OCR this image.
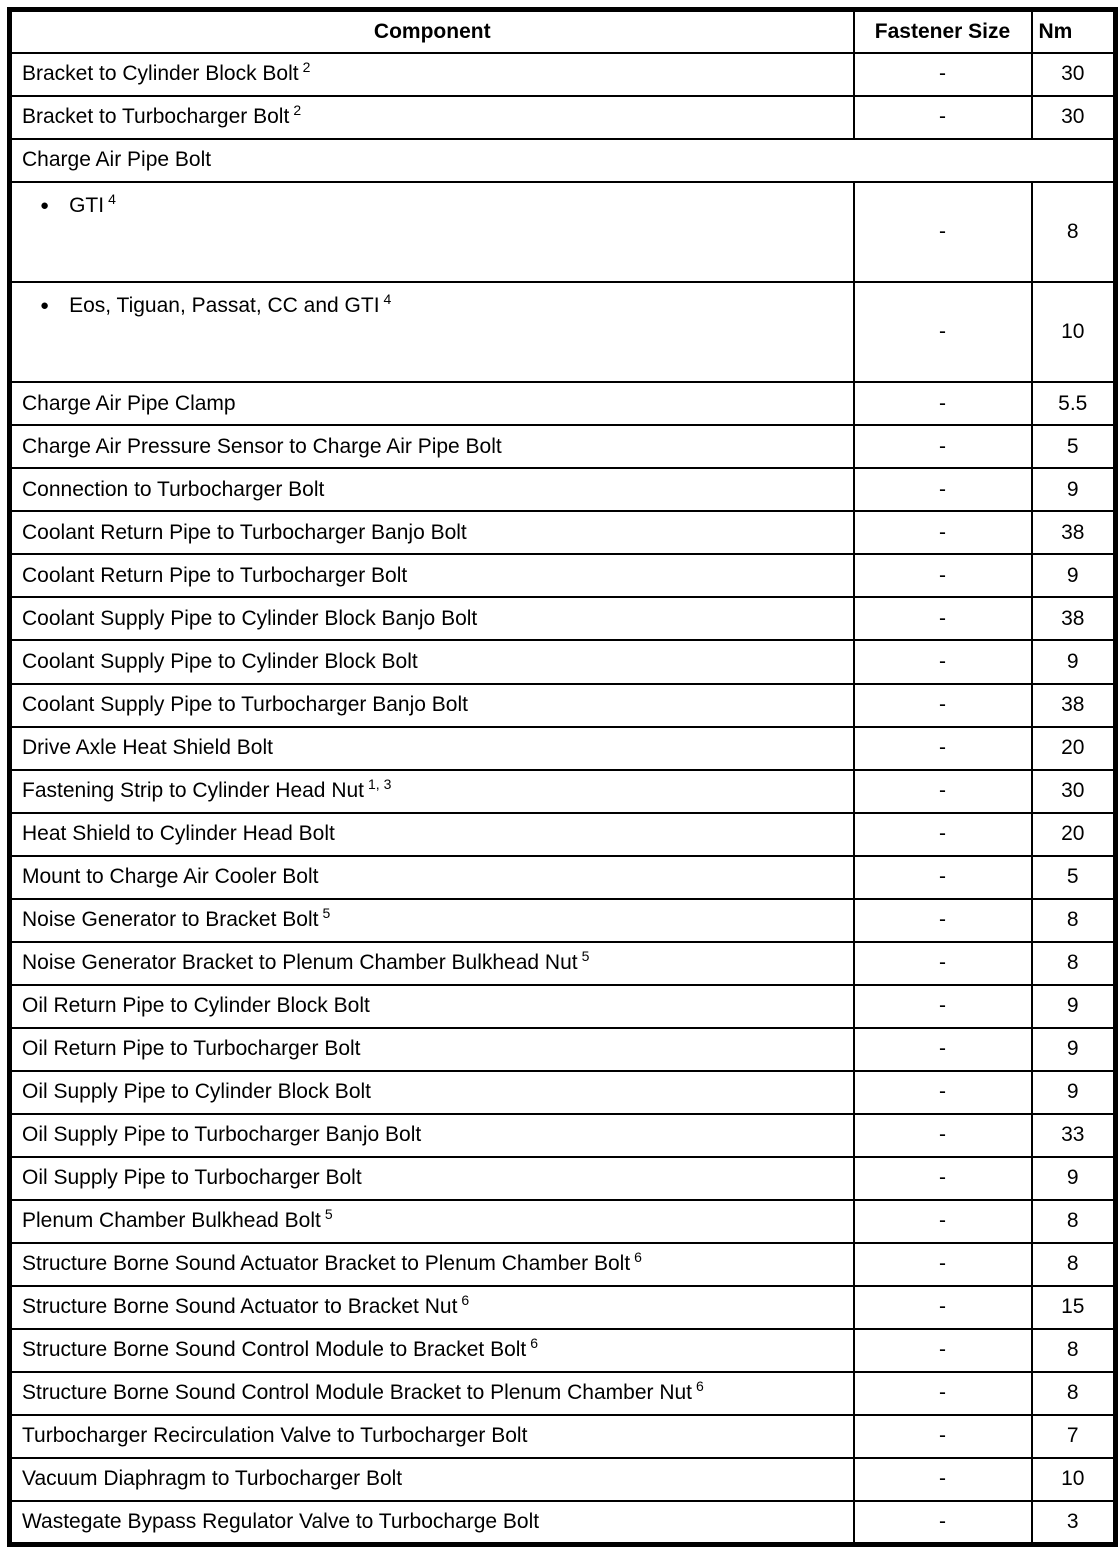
Component	Fastener Size	Nm
Bracket to Cylinder Block Bolt $^2$	-	30
Bracket to Turbocharger Bolt $^2$	-	30
Charge Air Pipe Bolt		
● GTI $^4$	-	8
● Eos, Tiguan, Passat, CC and GTI $^4$	-	10
Charge Air Pipe Clamp	-	5.5
Charge Air Pressure Sensor to Charge Air Pipe Bolt	-	5
Connection to Turbocharger Bolt	-	9
Coolant Return Pipe to Turbocharger Banjo Bolt	-	38
Coolant Return Pipe to Turbocharger Bolt	-	9
Coolant Supply Pipe to Cylinder Block Banjo Bolt	-	38
Coolant Supply Pipe to Cylinder Block Bolt	-	9
Coolant Supply Pipe to Turbocharger Banjo Bolt	-	38
Drive Axle Heat Shield Bolt	-	20
Fastening Strip to Cylinder Head Nut $^{1, 3}$	-	30
Heat Shield to Cylinder Head Bolt	-	20
Mount to Charge Air Cooler Bolt	-	5
Noise Generator to Bracket Bolt $^5$	-	8
Noise Generator Bracket to Plenum Chamber Bulkhead Nut $^5$	-	8
Oil Return Pipe to Cylinder Block Bolt	-	9
Oil Return Pipe to Turbocharger Bolt	-	9
Oil Supply Pipe to Cylinder Block Bolt	-	9
Oil Supply Pipe to Turbocharger Banjo Bolt	-	33
Oil Supply Pipe to Turbocharger Bolt	-	9
Plenum Chamber Bulkhead Bolt $^5$	-	8
Structure Borne Sound Actuator Bracket to Plenum Chamber Bolt $^6$	-	8
Structure Borne Sound Actuator to Bracket Nut $^6$	-	15
Structure Borne Sound Control Module to Bracket Bolt $^6$	-	8
Structure Borne Sound Control Module Bracket to Plenum Chamber Nut $^6$	-	8
Turbocharger Recirculation Valve to Turbocharger Bolt	-	7
Vacuum Diaphragm to Turbocharger Bolt	-	10
Wastegate Bypass Regulator Valve to Turbocharge Bolt	-	3
